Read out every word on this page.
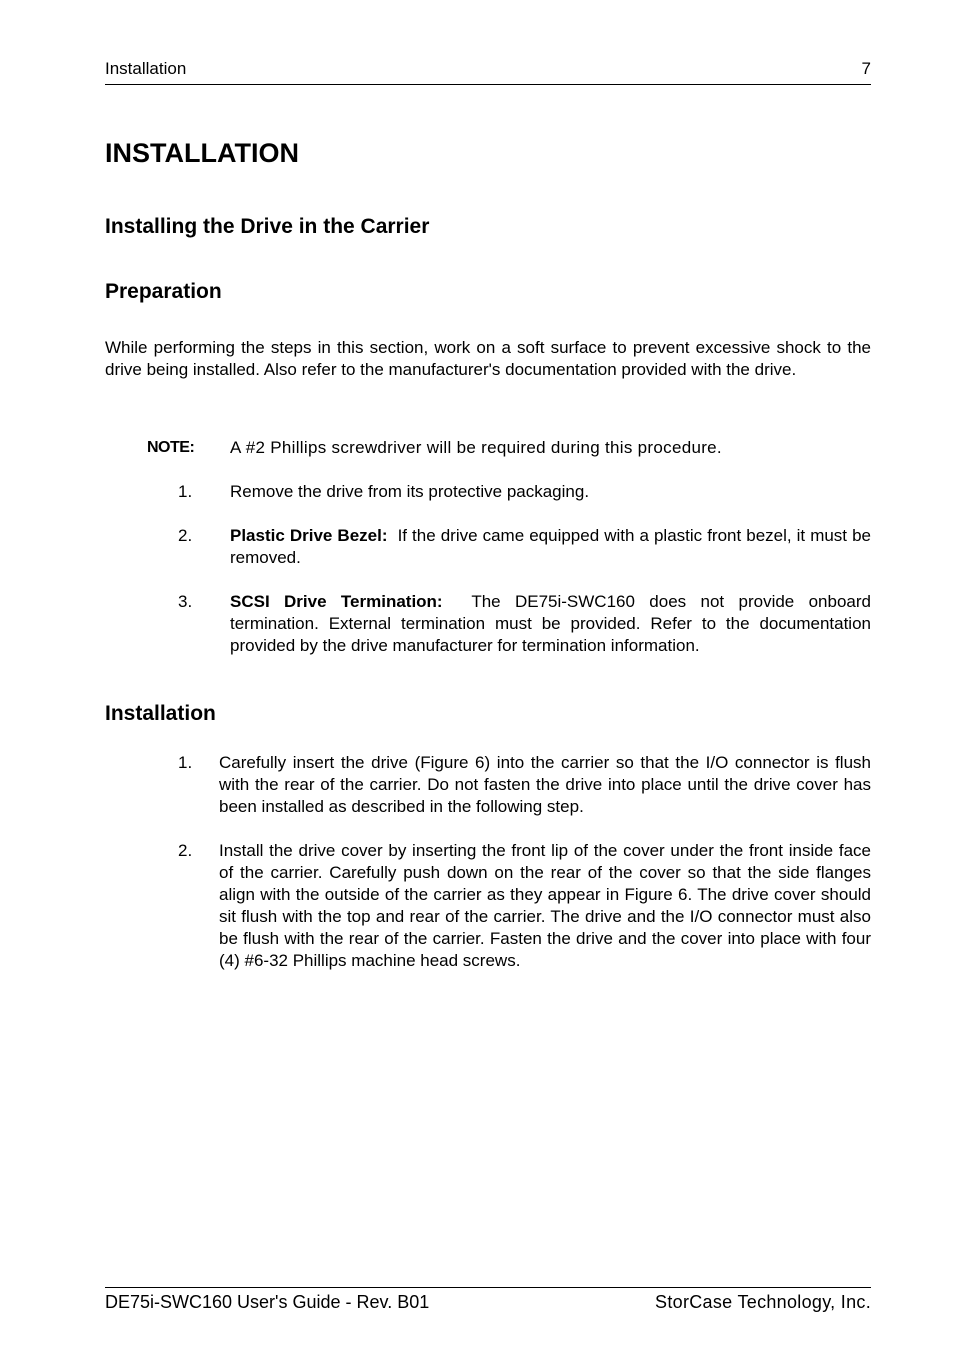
Installation	7
INSTALLATION
Installing the Drive in the Carrier
Preparation
While performing the steps in this section, work on a soft surface to prevent excessive shock to the drive being installed. Also refer to the manufacturer's documentation provided with the drive.
NOTE: A #2 Phillips screwdriver will be required during this procedure.
1. Remove the drive from its protective packaging.
2. Plastic Drive Bezel: If the drive came equipped with a plastic front bezel, it must be removed.
3. SCSI Drive Termination: The DE75i-SWC160 does not provide onboard termination. External termination must be provided. Refer to the documentation provided by the drive manufacturer for termination information.
Installation
1. Carefully insert the drive (Figure 6) into the carrier so that the I/O connector is flush with the rear of the carrier. Do not fasten the drive into place until the drive cover has been installed as described in the following step.
2. Install the drive cover by inserting the front lip of the cover under the front inside face of the carrier. Carefully push down on the rear of the cover so that the side flanges align with the outside of the carrier as they appear in Figure 6. The drive cover should sit flush with the top and rear of the carrier. The drive and the I/O connector must also be flush with the rear of the carrier. Fasten the drive and the cover into place with four (4) #6-32 Phillips machine head screws.
DE75i-SWC160 User's Guide - Rev. B01	StorCase Technology, Inc.
